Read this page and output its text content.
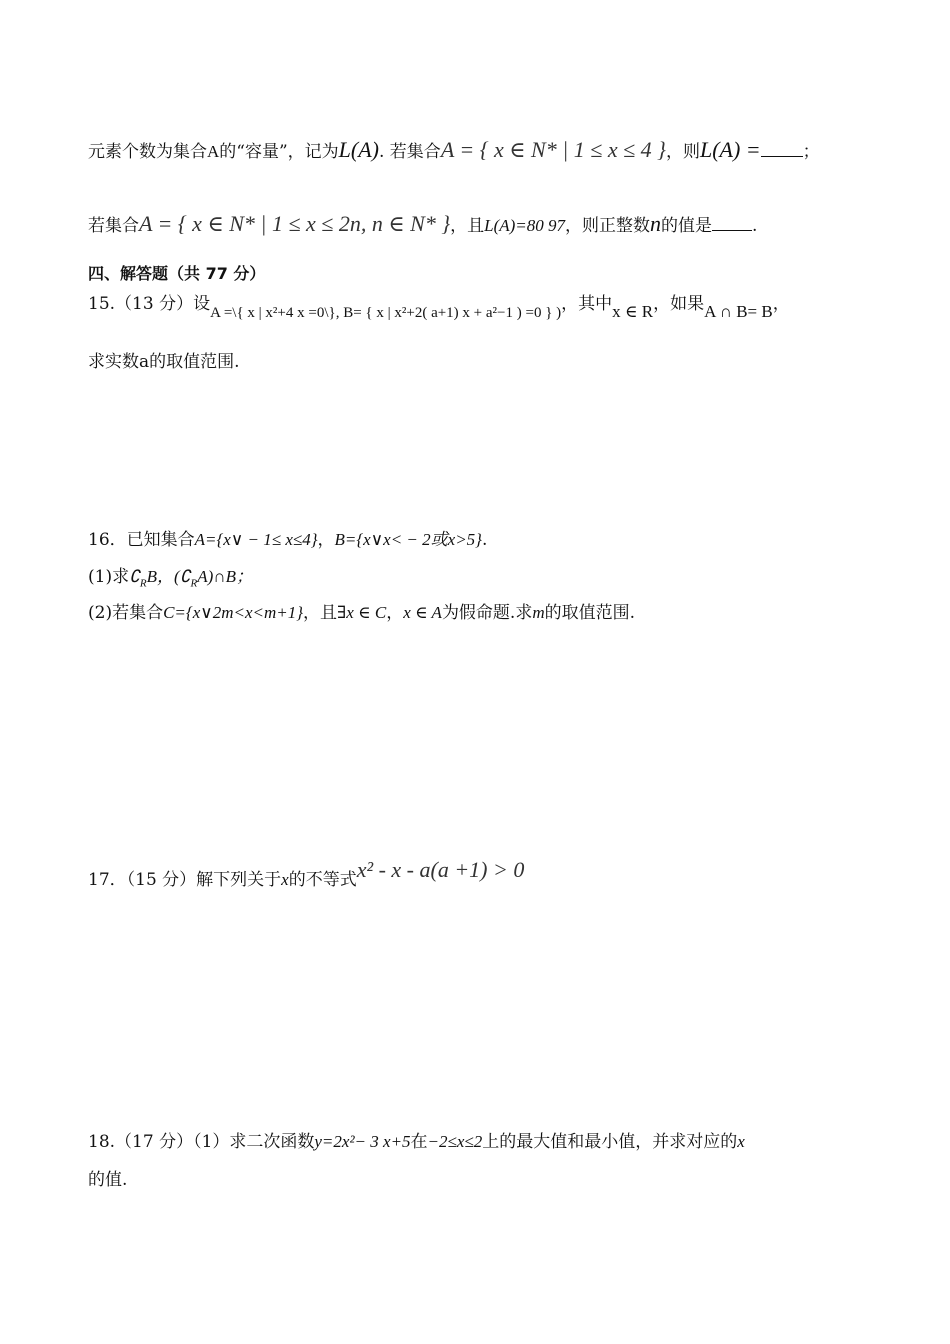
元素个数为集合A的“容量”，记为L(A). 若集合A = { x ∈ N* | 1 ≤ x ≤ 4 }，则L(A) = ；
若集合A = { x ∈ N* | 1 ≤ x ≤ 2n, n ∈ N* }，且L(A)=80 97，则正整数n的值是 .
四、解答题（共 77 分）
15.（13 分）设A =\{ x | x²+4 x =0\}, B= { x | x²+2( a+1) x + a²−1 ) =0 } )，其中x ∈ R，如果A ∩ B= B，
求实数a的取值范围.
16．已知集合A={x∨ − 1≤ x≤4}，B={x∨x< − 2或x>5}.
(1)求$∁_RB$，$(∁_RA)\cap B$；
(2)若集合C={x∨2m<x<m+1}，且∃x ∈ C，x ∈ A为假命题.求m的取值范围.
17．（15 分）解下列关于x的不等式x² - x - a(a +1) > 0
18.（17 分）（1）求二次函数y=2x²− 3 x+5在−2≤x≤2上的最大值和最小值，并求对应的x
的值.
